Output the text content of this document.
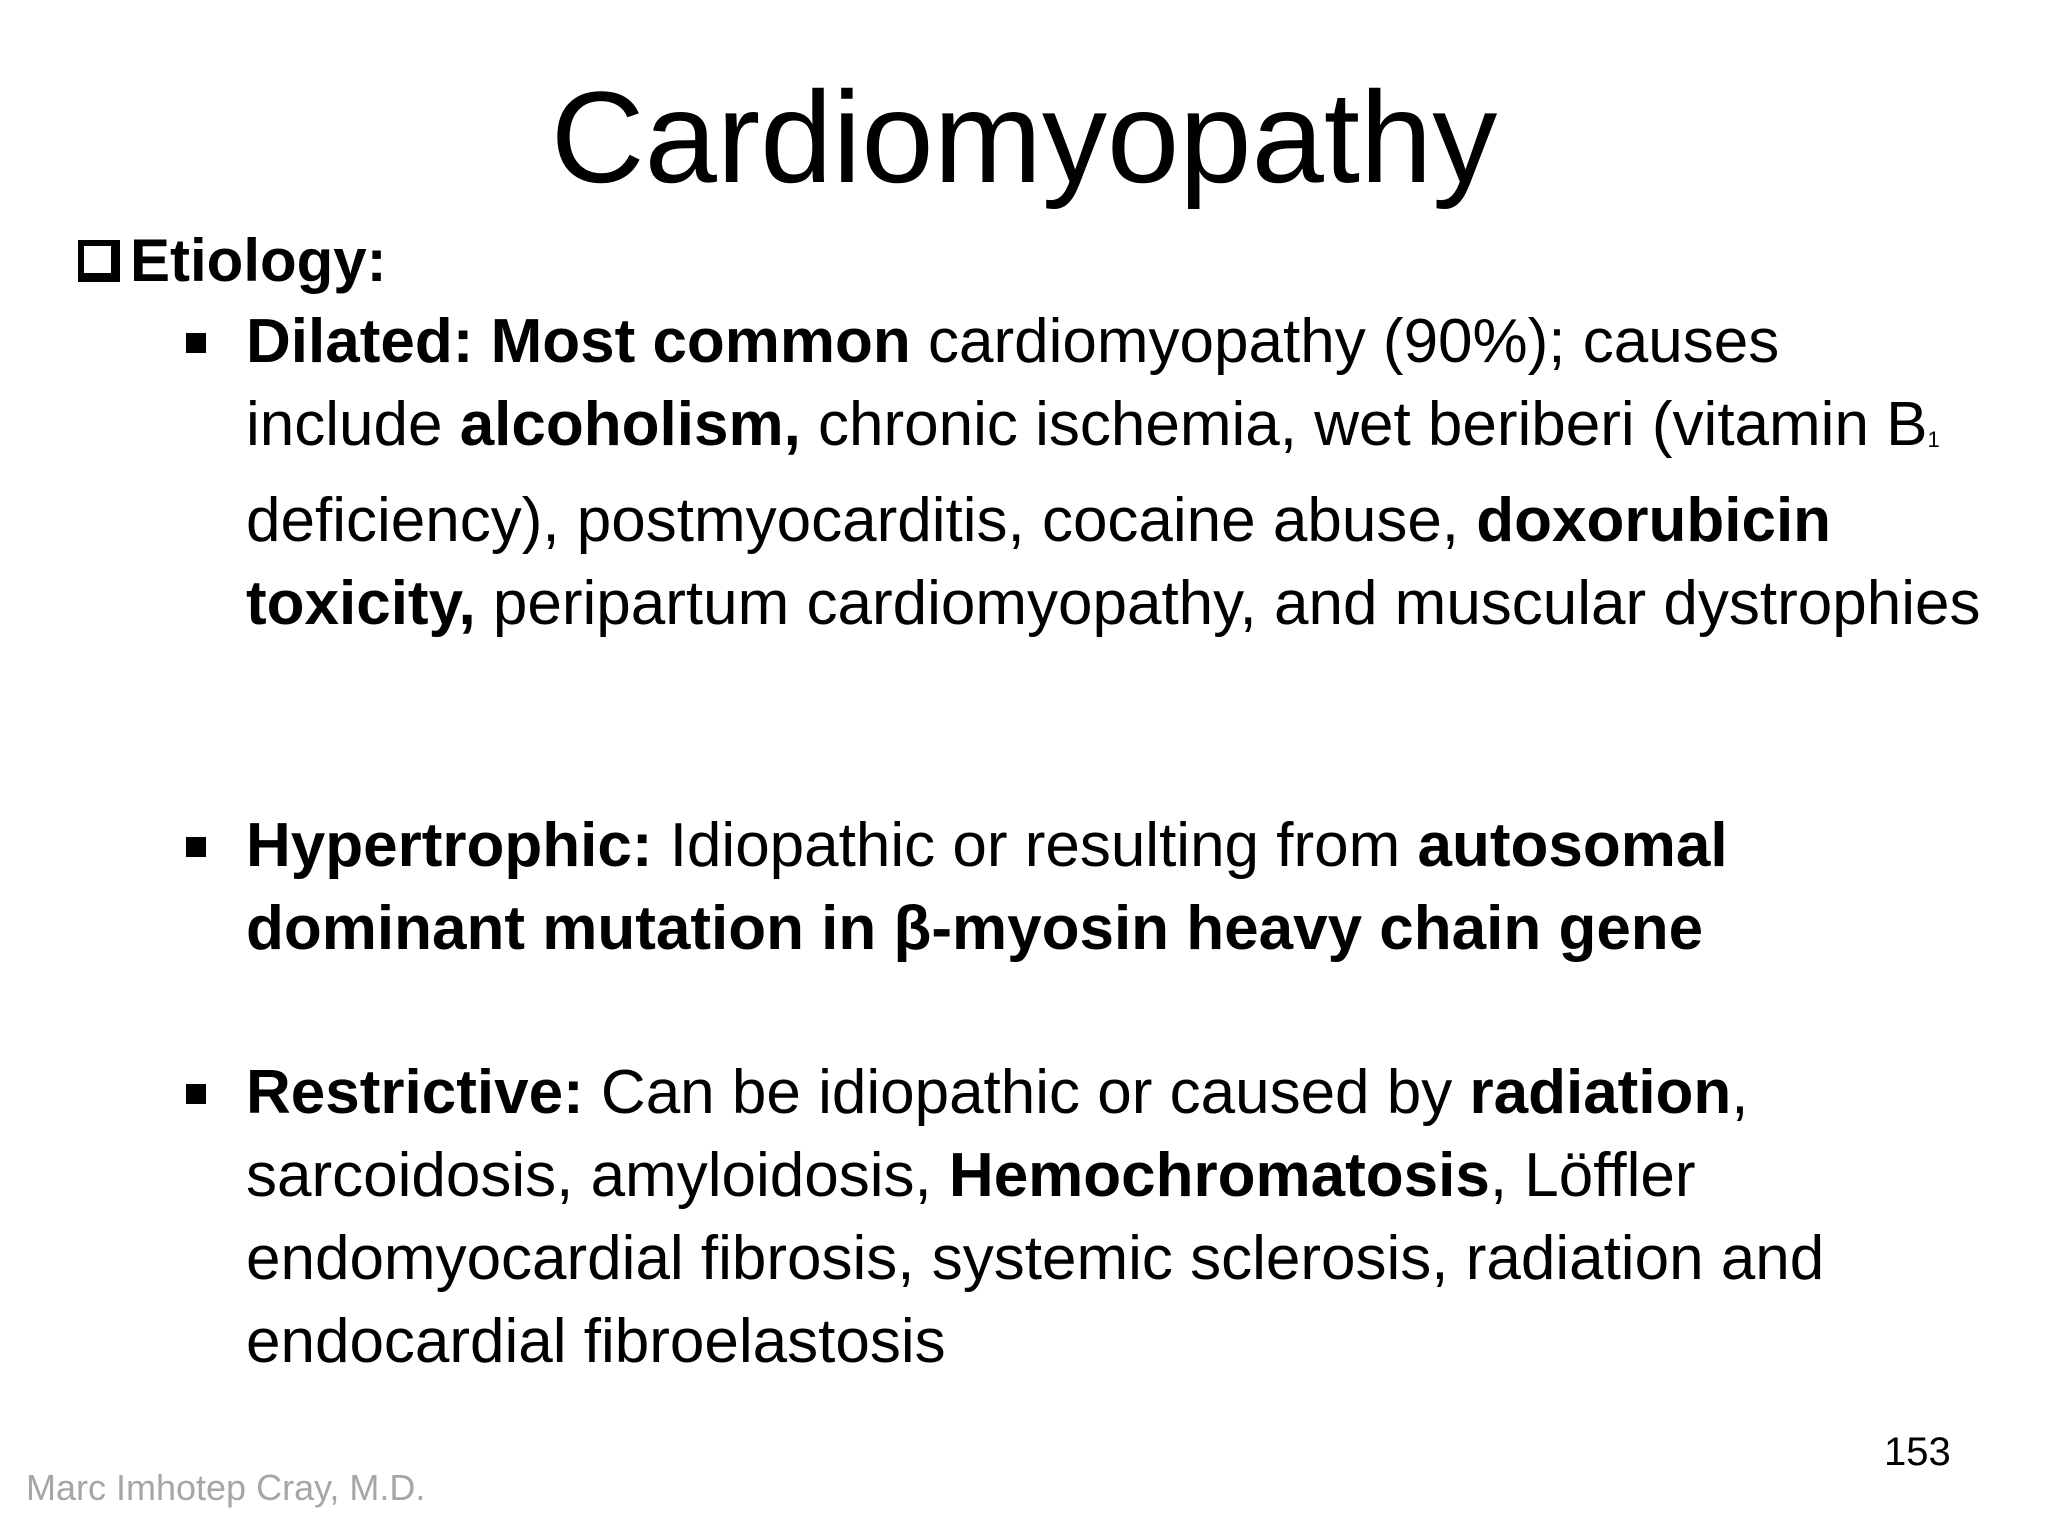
Cardiomyopathy
Etiology:
Dilated: Most common cardiomyopathy (90%); causes include alcoholism, chronic ischemia, wet beriberi (vitamin B1 deficiency), postmyocarditis, cocaine abuse, doxorubicin toxicity, peripartum cardiomyopathy, and muscular dystrophies
Hypertrophic: Idiopathic or resulting from autosomal dominant mutation in β-myosin heavy chain gene
Restrictive: Can be idiopathic or caused by radiation, sarcoidosis, amyloidosis, Hemochromatosis, Löffler endomyocardial fibrosis, systemic sclerosis, radiation and endocardial fibroelastosis
153
Marc Imhotep Cray, M.D.
